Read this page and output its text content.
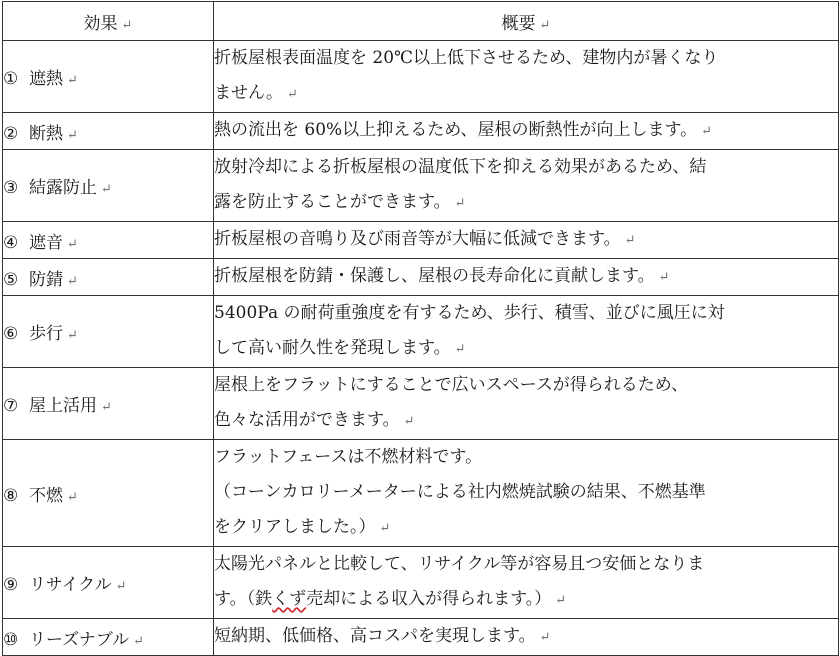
効果 ↵	概要 ↵
① 遮熱 ↵	折板屋根表面温度を 20℃以上低下させるため、建物内が暑くなり
ません。 ↵

② 断熱 ↵	熱の流出を 60%以上抑えるため、屋根の断熱性が向上します。 ↵

③ 結露防止 ↵	放射冷却による折板屋根の温度低下を抑える効果があるため、結
露を防止することができます。 ↵

④ 遮音 ↵	折板屋根の音鳴り及び雨音等が大幅に低減できます。 ↵

⑤ 防錆 ↵	折板屋根を防錆・保護し、屋根の長寿命化に貢献します。 ↵

⑥ 歩行 ↵	5400Pa の耐荷重強度を有するため、歩行、積雪、並びに風圧に対
して高い耐久性を発現します。 ↵

⑦ 屋上活用 ↵	屋根上をフラットにすることで広いスペースが得られるため、
色々な活用ができます。 ↵

⑧ 不燃 ↵	フラットフェースは不燃材料です。
（コーンカロリーメーターによる社内燃焼試験の結果、不燃基準
をクリアしました。） ↵

⑨ リサイクル ↵	太陽光パネルと比較して、リサイクル等が容易且つ安価となりま
す。（鉄くず売却による収入が得られます。） ↵

⑩ リーズナブル ↵	短納期、低価格、高コスパを実現します。 ↵
